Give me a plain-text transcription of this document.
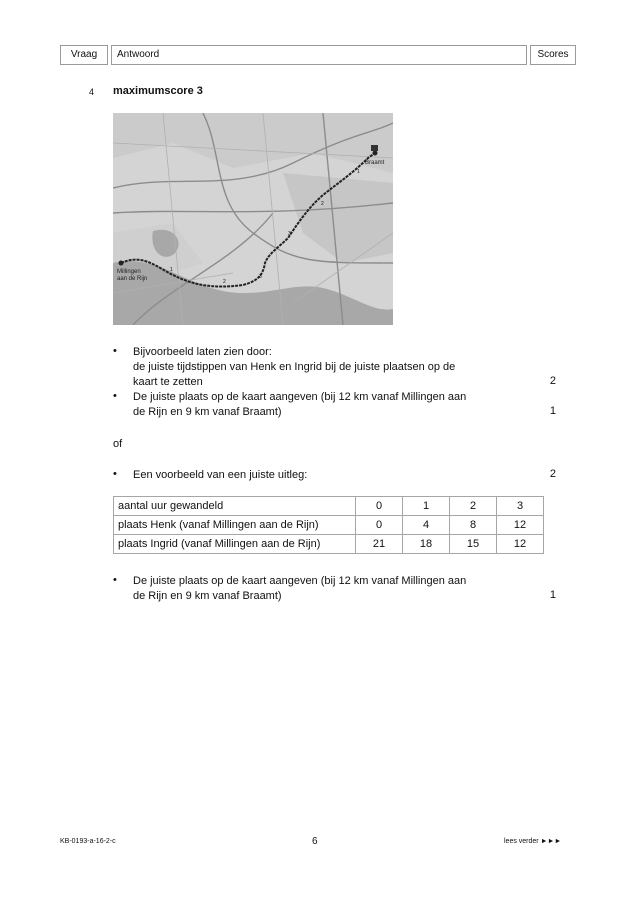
Vraag	Antwoord	Scores
4 maximumscore 3
Braamt
Millingen
aan de Rijn
1
2
3
1
2
3
• Bijvoorbeeld laten zien door:
de juiste tijdstippen van Henk en Ingrid bij de juiste plaatsen op de
kaart te zetten	2
• De juiste plaats op de kaart aangeven (bij 12 km vanaf Millingen aan
de Rijn en 9 km vanaf Braamt)	1
of
• Een voorbeeld van een juiste uitleg:	2
aantal uur gewandeld	0	1	2	3
plaats Henk (vanaf Millingen aan de Rijn)	0	4	8	12
plaats Ingrid (vanaf Millingen aan de Rijn)	21	18	15	12
• De juiste plaats op de kaart aangeven (bij 12 km vanaf Millingen aan
de Rijn en 9 km vanaf Braamt)	1
KB-0193-a-16-2-c	6	lees verder ►►►
